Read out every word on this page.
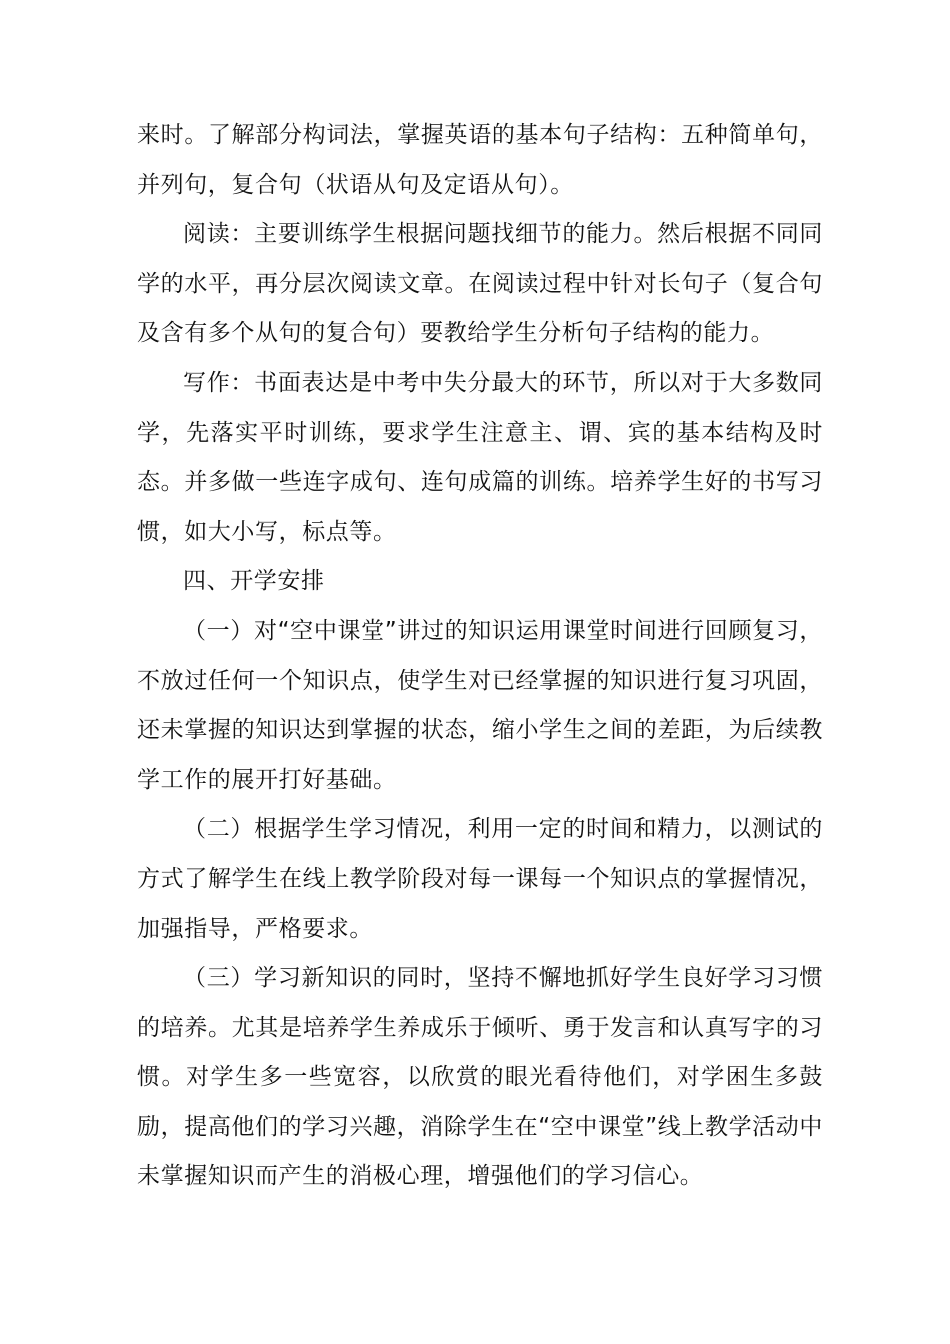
来时。了解部分构词法，掌握英语的基本句子结构：五种简单句，并列句，复合句（状语从句及定语从句）。

阅读：主要训练学生根据问题找细节的能力。然后根据不同同学的水平，再分层次阅读文章。在阅读过程中针对长句子（复合句及含有多个从句的复合句）要教给学生分析句子结构的能力。

写作：书面表达是中考中失分最大的环节，所以对于大多数同学，先落实平时训练，要求学生注意主、谓、宾的基本结构及时态。并多做一些连字成句、连句成篇的训练。培养学生好的书写习惯，如大小写，标点等。

四、开学安排

（一）对“空中课堂”讲过的知识运用课堂时间进行回顾复习，不放过任何一个知识点，使学生对已经掌握的知识进行复习巩固，还未掌握的知识达到掌握的状态，缩小学生之间的差距，为后续教学工作的展开打好基础。

（二）根据学生学习情况，利用一定的时间和精力，以测试的方式了解学生在线上教学阶段对每一课每一个知识点的掌握情况，加强指导，严格要求。

（三）学习新知识的同时，坚持不懈地抓好学生良好学习习惯的培养。尤其是培养学生养成乐于倾听、勇于发言和认真写字的习惯。对学生多一些宽容，以欣赏的眼光看待他们，对学困生多鼓励，提高他们的学习兴趣，消除学生在“空中课堂”线上教学活动中未掌握知识而产生的消极心理，增强他们的学习信心。
